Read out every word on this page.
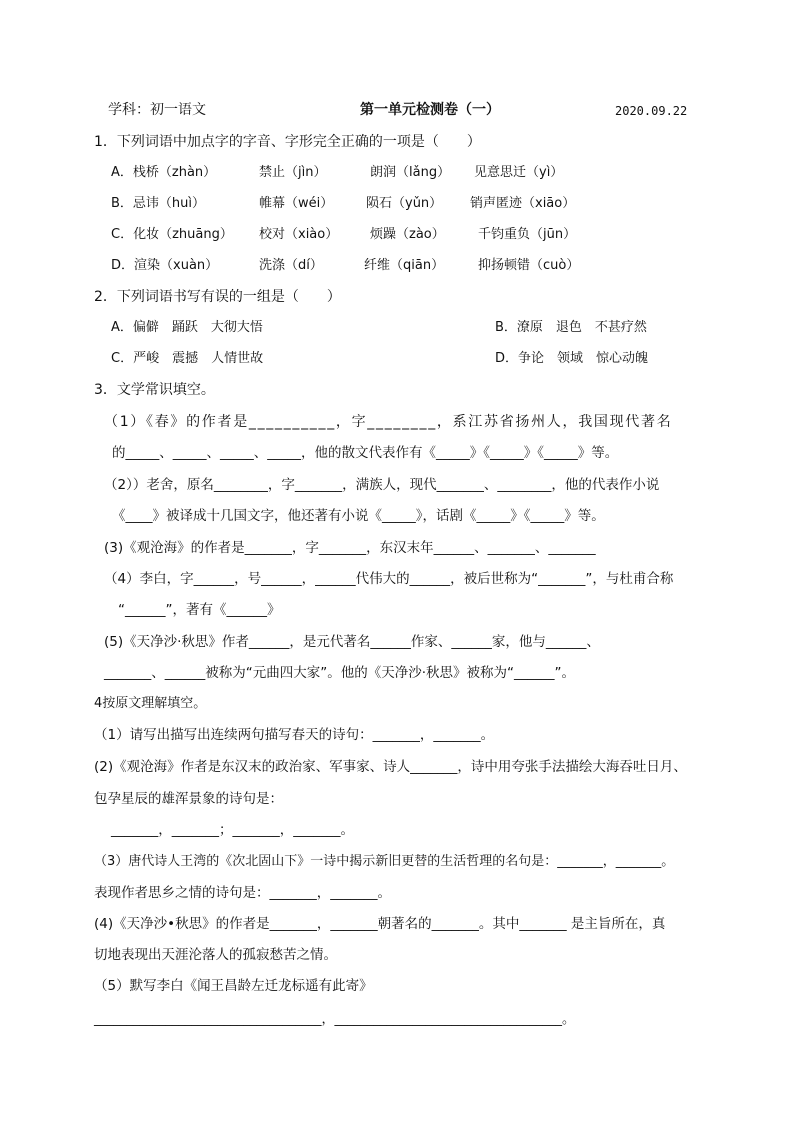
学科：初一语文	第一单元检测卷（一）	2020.09.22
1．下列词语中加点字的字音、字形完全正确的一项是（　　）
A．栈桥（zhàn）	禁止（jìn）	朗润（lǎng） 见意思迁（yì）
B．忌讳（huì）	帷幕（wéi）	陨石（yǔn） 销声匿迹（xiāo）
C．化妆（zhuāng） 校对（xiào） 烦躁（zào）	千钧重负（jūn）
D．渲染（xuàn）	洗涤（dí）	纤维（qiān）	抑扬顿错（cuò）
2．下列词语书写有误的一组是（　　）
A．偏僻　踊跃　大彻大悟	B．潦原　退色　不甚疗然
C．严峻　震撼　人情世故	D．争论　领域　惊心动魄
3．文学常识填空。
（1）《春》的作者是__________，字________，系江苏省扬州人，我国现代著名
的_____、_____、_____、_____，他的散文代表作有《_____》《_____》《_____》等。
（2））老舍，原名________，字_______，满族人，现代_______、________，他的代表作小说
《____》被译成十几国文字，他还著有小说《_____》，话剧《_____》《_____》等。
(3)《观沧海》的作者是_______，字_______，东汉末年______、_______、_______
（4）李白，字______，号______，______代伟大的______，被后世称为“_______”，与杜甫合称
“______”，著有《______》
(5)《天净沙·秋思》作者______，是元代著名______作家、______家，他与______、
_______、______被称为“元曲四大家”。他的《天净沙·秋思》被称为“______”。
4按原文理解填空。
（1）请写出描写出连续两句描写春天的诗句：_______，_______。
(2)《观沧海》作者是东汉末的政治家、军事家、诗人_______，诗中用夸张手法描绘大海吞吐日月、
包孕星辰的雄浑景象的诗句是：
_______，_______；_______，_______。
（3）唐代诗人王湾的《次北固山下》一诗中揭示新旧更替的生活哲理的名句是：_______，_______。
表现作者思乡之情的诗句是：_______，_______。
(4)《天净沙•秋思》的作者是_______，_______朝著名的_______。其中_______ 是主旨所在，真
切地表现出天涯沦落人的孤寂愁苦之情。
（5）默写李白《闻王昌龄左迁龙标遥有此寄》
___________________________________，___________________________________。
